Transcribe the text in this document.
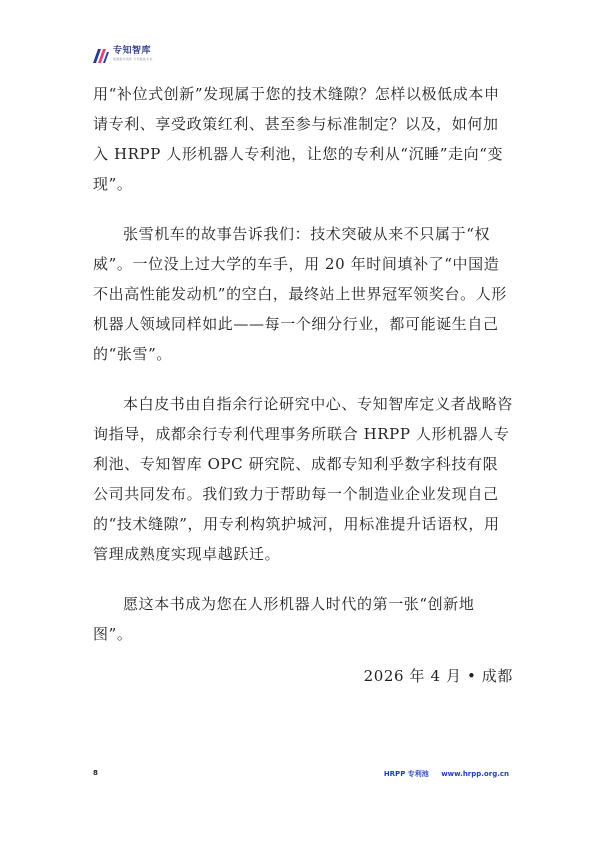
专知智库
数据驱动创新 专利赋能未来

用“补位式创新”发现属于您的技术缝隙？怎样以极低成本申请专利、享受政策红利、甚至参与标准制定？以及，如何加入 HRPP 人形机器人专利池，让您的专利从“沉睡”走向“变现”。

张雪机车的故事告诉我们：技术突破从来不只属于“权威”。一位没上过大学的车手，用 20 年时间填补了“中国造不出高性能发动机”的空白，最终站上世界冠军领奖台。人形机器人领域同样如此——每一个细分行业，都可能诞生自己的“张雪”。

本白皮书由自指余行论研究中心、专知智库定义者战略咨询指导，成都余行专利代理事务所联合 HRPP 人形机器人专利池、专知智库 OPC 研究院、成都专知利乎数字科技有限公司共同发布。我们致力于帮助每一个制造业企业发现自己的“技术缝隙”，用专利构筑护城河，用标准提升话语权，用管理成熟度实现卓越跃迁。

愿这本书成为您在人形机器人时代的第一张“创新地图”。

2026 年 4 月 • 成都
8	HRPP 专利池 www.hrpp.org.cn
